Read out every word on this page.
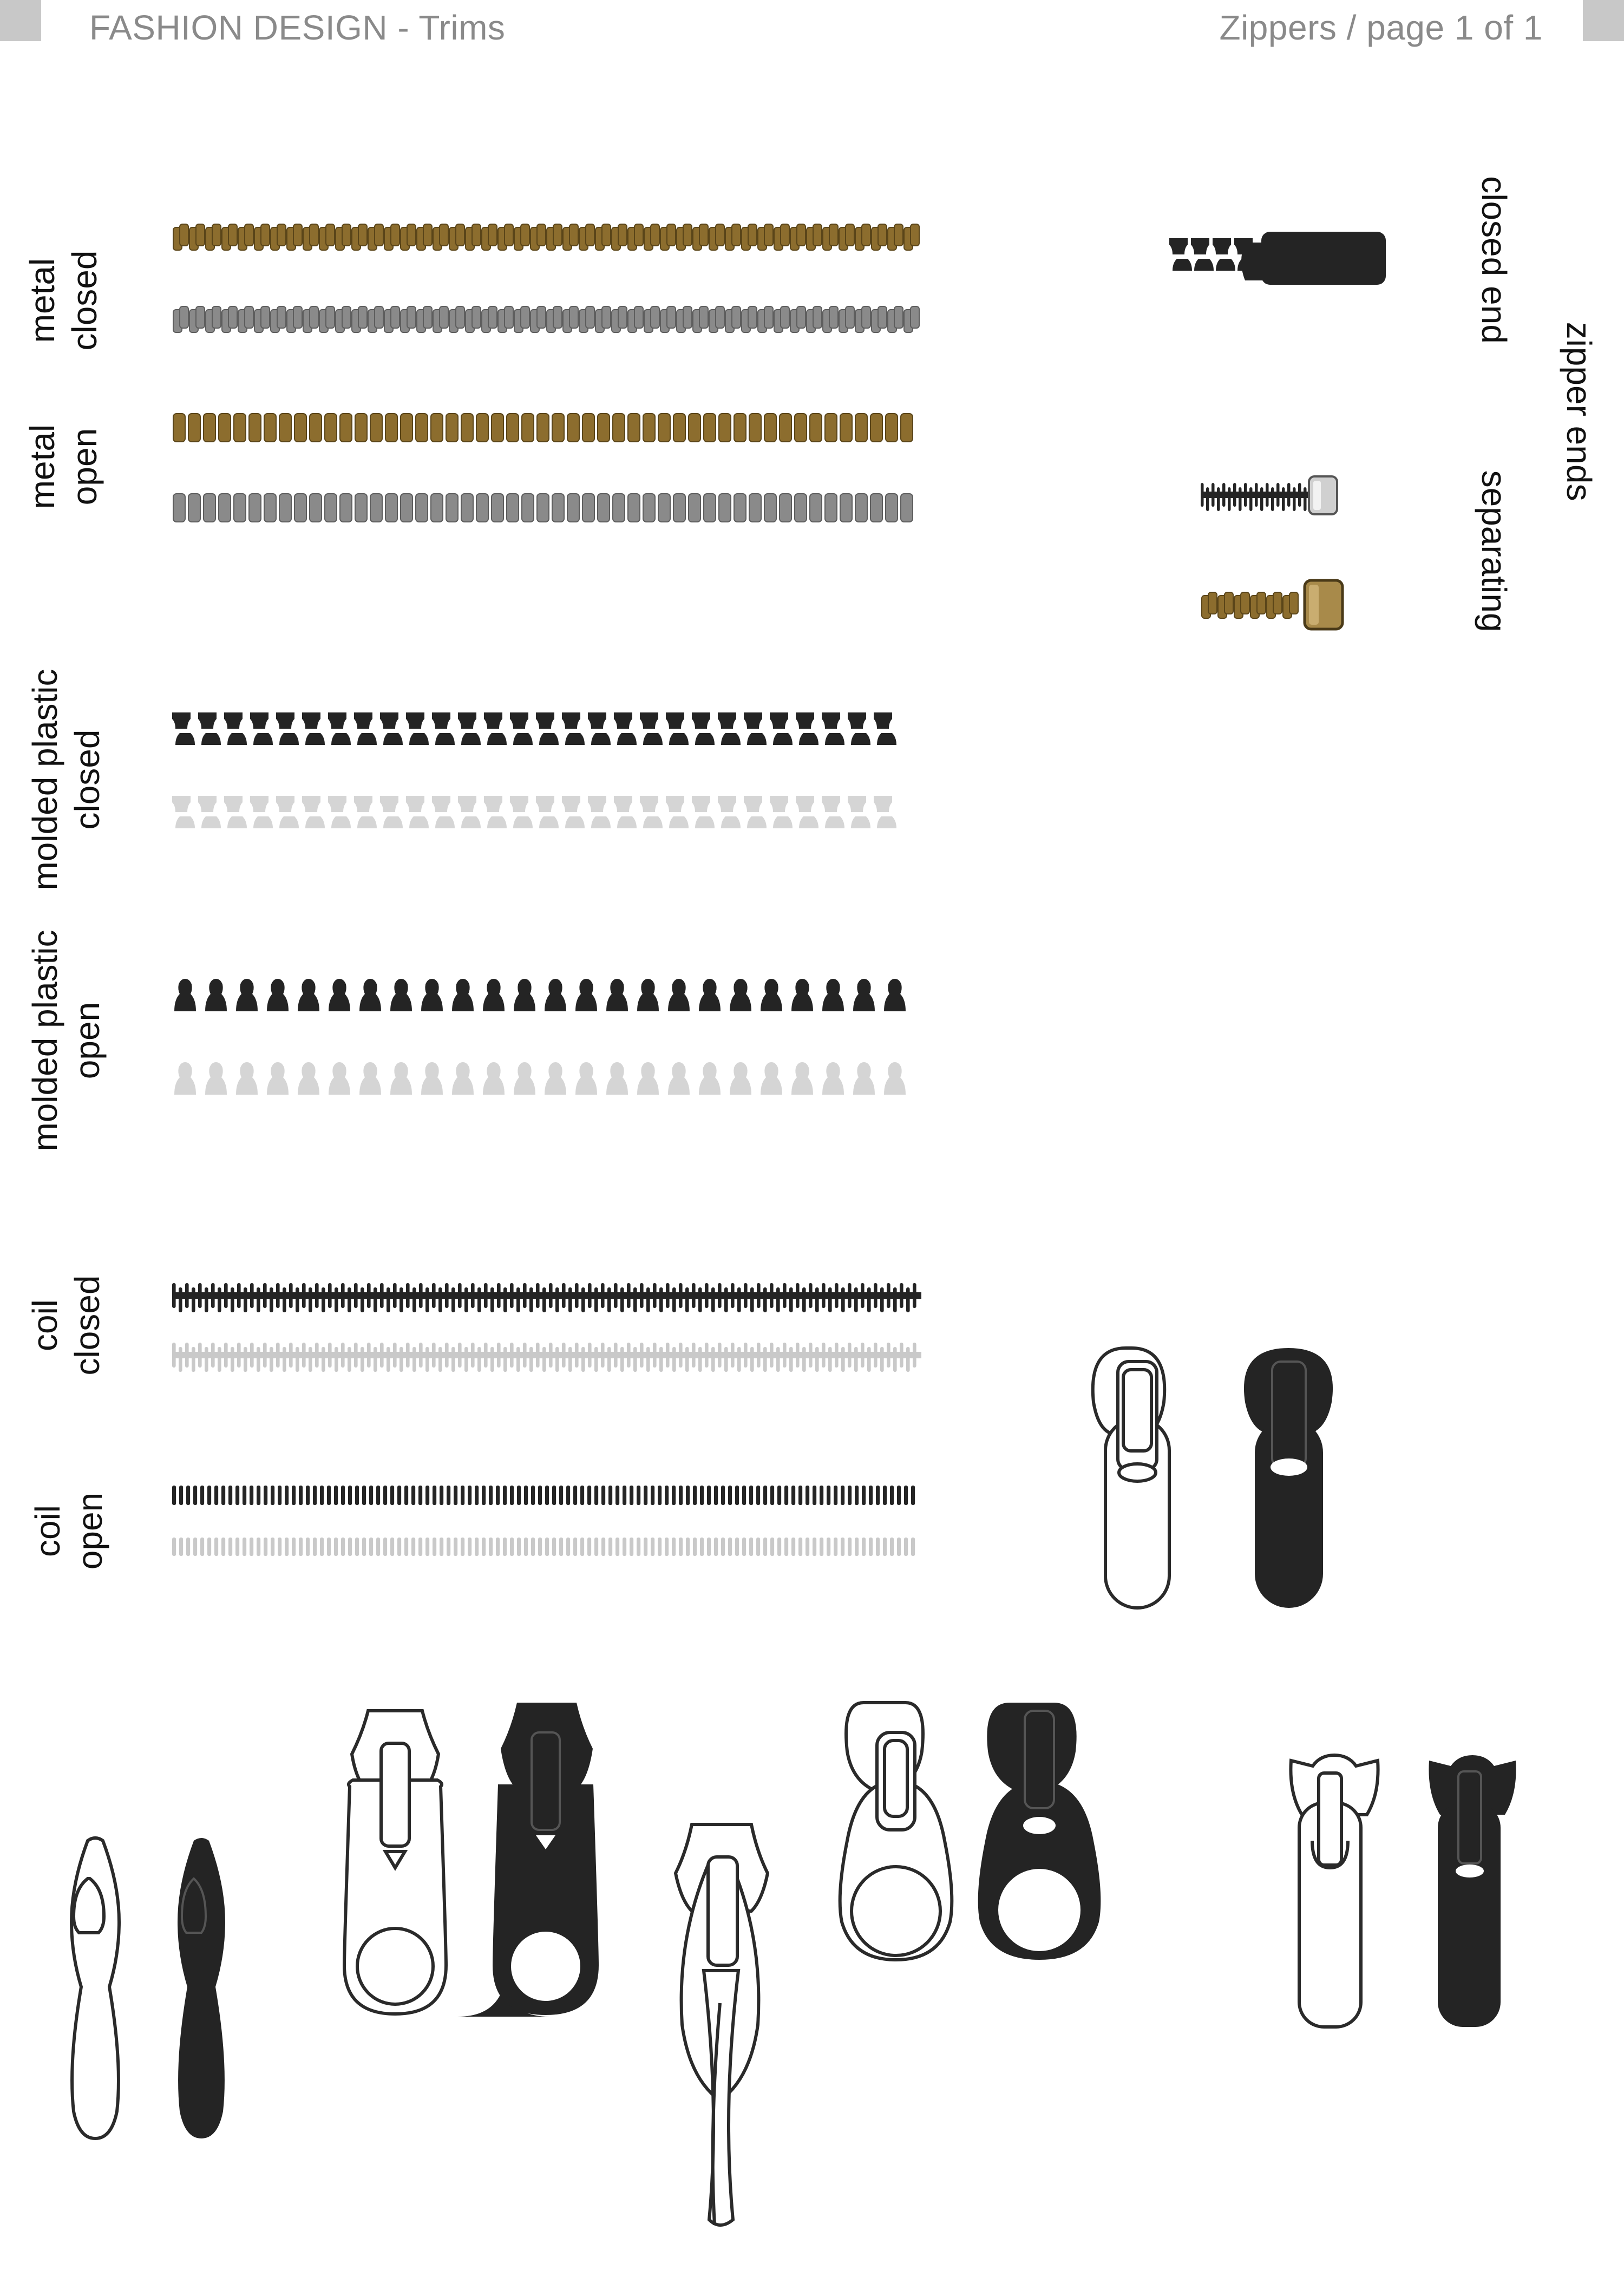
FASHION DESIGN - Trims	Zippers / page 1 of 1
metal closed
metal open
molded plastic closed
molded plastic open
coil closed
coil open
closed end
separating
zipper ends
